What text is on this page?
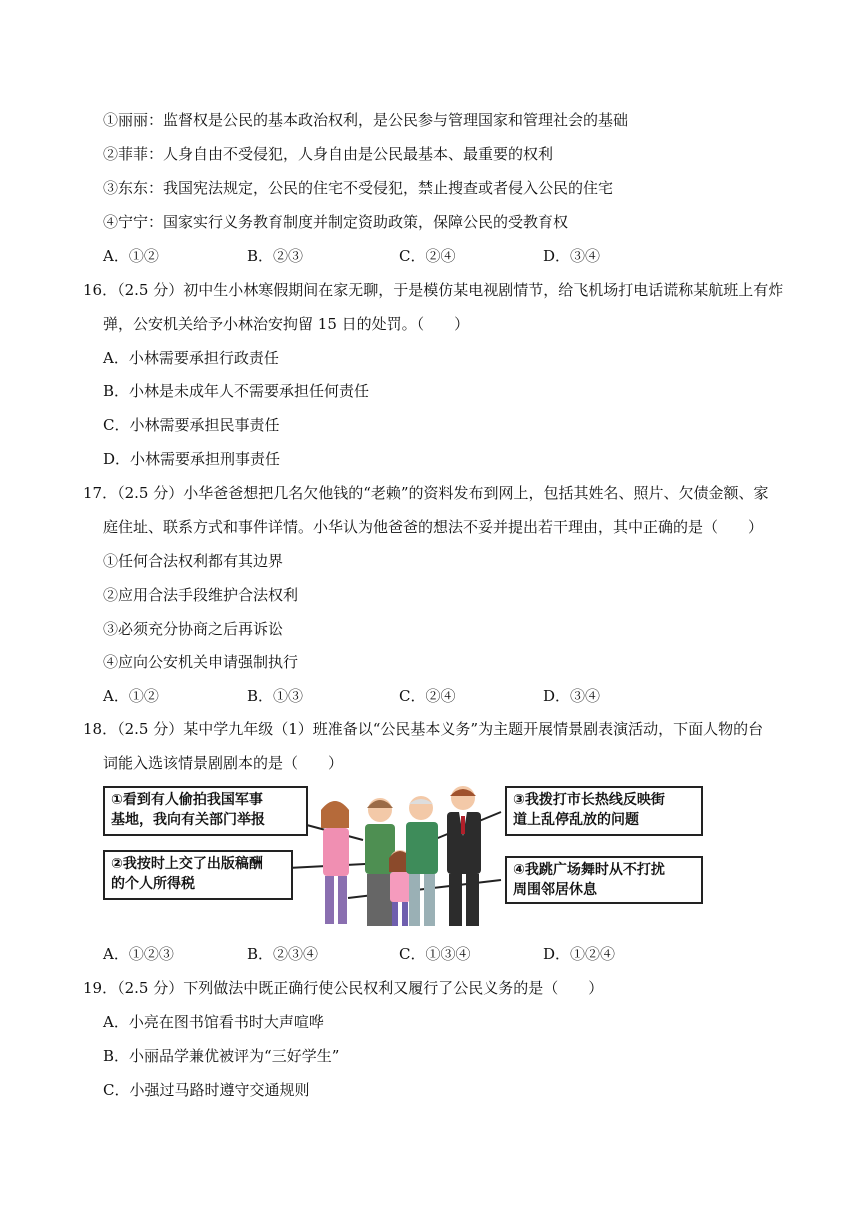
①丽丽：监督权是公民的基本政治权利，是公民参与管理国家和管理社会的基础
②菲菲：人身自由不受侵犯，人身自由是公民最基本、最重要的权利
③东东：我国宪法规定，公民的住宅不受侵犯，禁止搜查或者侵入公民的住宅
④宁宁：国家实行义务教育制度并制定资助政策，保障公民的受教育权
A．①②	B．②③	C．②④	D．③④
16．（2.5 分）初中生小林寒假期间在家无聊，于是模仿某电视剧情节，给飞机场打电话谎称某航班上有炸
弹，公安机关给予小林治安拘留 15 日的处罚。（　　）
A．小林需要承担行政责任
B．小林是未成年人不需要承担任何责任
C．小林需要承担民事责任
D．小林需要承担刑事责任
17．（2.5 分）小华爸爸想把几名欠他钱的“老赖”的资料发布到网上，包括其姓名、照片、欠债金额、家
庭住址、联系方式和事件详情。小华认为他爸爸的想法不妥并提出若干理由，其中正确的是（　　）
①任何合法权利都有其边界
②应用合法手段维护合法权利
③必须充分协商之后再诉讼
④应向公安机关申请强制执行
A．①②	B．①③	C．②④	D．③④
18．（2.5 分）某中学九年级（1）班准备以“公民基本义务”为主题开展情景剧表演活动，下面人物的台
词能入选该情景剧剧本的是（　　）
①看到有人偷拍我国军事
基地，我向有关部门举报
②我按时上交了出版稿酬
的个人所得税
③我拨打市长热线反映街
道上乱停乱放的问题
④我跳广场舞时从不打扰
周围邻居休息
A．①②③	B．②③④	C．①③④	D．①②④
19．（2.5 分）下列做法中既正确行使公民权利又履行了公民义务的是（　　）
A．小亮在图书馆看书时大声喧哗
B．小丽品学兼优被评为“三好学生”
C．小强过马路时遵守交通规则
